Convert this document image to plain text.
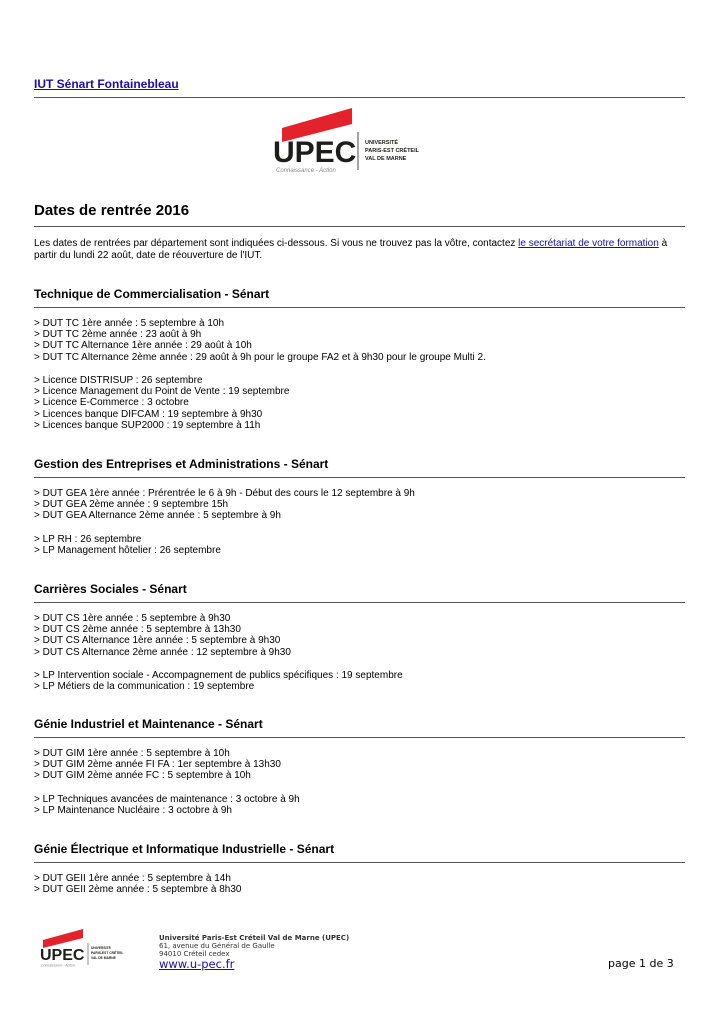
IUT Sénart Fontainebleau
UPEC
Connaissance - Action
UNIVERSITÉ
PARIS-EST CRÉTEIL
VAL DE MARNE
Dates de rentrée 2016
Les dates de rentrées par département sont indiquées ci-dessous. Si vous ne trouvez pas la vôtre, contactez le secrétariat de votre formation à partir du lundi 22 août, date de réouverture de l'IUT.
Technique de Commercialisation - Sénart
> DUT TC 1ère année : 5 septembre à 10h
> DUT TC 2ème année : 23 août à 9h
> DUT TC Alternance 1ère année : 29 août à 10h
> DUT TC Alternance 2ème année : 29 août à 9h pour le groupe FA2 et à 9h30 pour le groupe Multi 2.
> Licence DISTRISUP : 26 septembre
> Licence Management du Point de Vente : 19 septembre
> Licence E-Commerce : 3 octobre
> Licences banque DIFCAM : 19 septembre à 9h30
> Licences banque SUP2000 : 19 septembre à 11h
Gestion des Entreprises et Administrations - Sénart
> DUT GEA 1ère année : Prérentrée le 6 à 9h - Début des cours le 12 septembre à 9h
> DUT GEA 2ème année : 9 septembre 15h
> DUT GEA Alternance 2ème année : 5 septembre à 9h
> LP RH : 26 septembre
> LP Management hôtelier : 26 septembre
Carrières Sociales - Sénart
> DUT CS 1ère année : 5 septembre à 9h30
> DUT CS 2ème année : 5 septembre à 13h30
> DUT CS Alternance 1ère année : 5 septembre à 9h30
> DUT CS Alternance 2ème année : 12 septembre à 9h30
> LP Intervention sociale - Accompagnement de publics spécifiques : 19 septembre
> LP Métiers de la communication : 19 septembre
Génie Industriel et Maintenance - Sénart
> DUT GIM 1ère année : 5 septembre à 10h
> DUT GIM 2ème année FI FA : 1er septembre à 13h30
> DUT GIM 2ème année FC : 5 septembre à 10h
> LP Techniques avancées de maintenance : 3 octobre à 9h
> LP Maintenance Nucléaire : 3 octobre à 9h
Génie Électrique et Informatique Industrielle - Sénart
> DUT GEII 1ère année : 5 septembre à 14h
> DUT GEII 2ème année : 5 septembre à 8h30
UPEC
Connaissance - Action
UNIVERSITÉ
PARIS-EST CRÉTEIL
VAL DE MARNE
Université Paris-Est Créteil Val de Marne (UPEC)
61, avenue du Général de Gaulle
94010 Créteil cedex
www.u-pec.fr	page 1 de 3
